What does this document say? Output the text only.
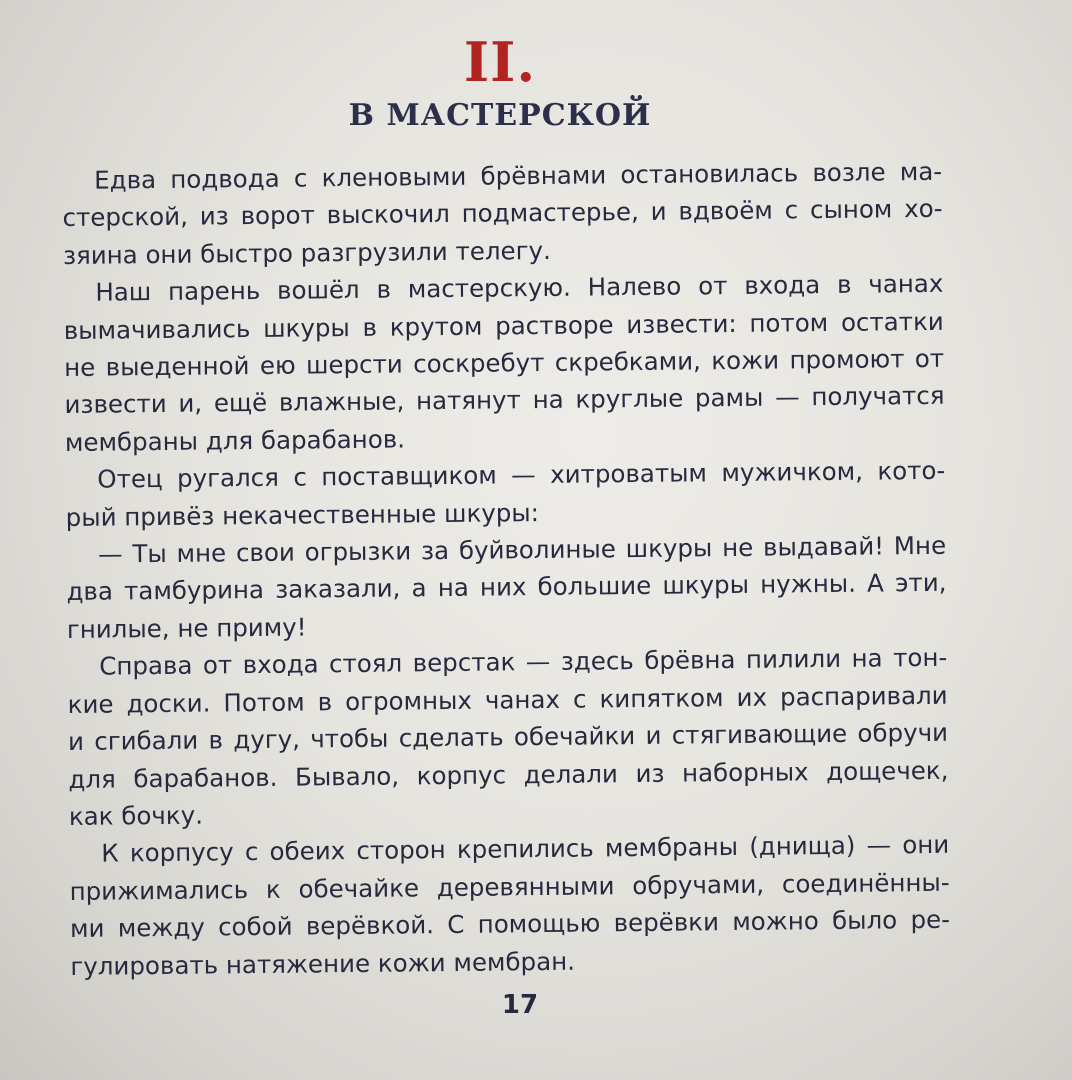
II.
В МАСТЕРСКОЙ
Едва подвода с кленовыми брёвнами остановилась возле ма-
стерской, из ворот выскочил подмастерье, и вдвоём с сыном хо-
зяина они быстро разгрузили телегу.
Наш парень вошёл в мастерскую. Налево от входа в чанах
вымачивались шкуры в крутом растворе извести: потом остатки
не выеденной ею шерсти соскребут скребками, кожи промоют от
извести и, ещё влажные, натянут на круглые рамы — получатся
мембраны для барабанов.
Отец ругался с поставщиком — хитроватым мужичком, кото-
рый привёз некачественные шкуры:
— Ты мне свои огрызки за буйволиные шкуры не выдавай! Мне
два тамбурина заказали, а на них большие шкуры нужны. А эти,
гнилые, не приму!
Справа от входа стоял верстак — здесь брёвна пилили на тон-
кие доски. Потом в огромных чанах с кипятком их распаривали
и сгибали в дугу, чтобы сделать обечайки и стягивающие обручи
для барабанов. Бывало, корпус делали из наборных дощечек,
как бочку.
К корпусу с обеих сторон крепились мембраны (днища) — они
прижимались к обечайке деревянными обручами, соединённы-
ми между собой верёвкой. С помощью верёвки можно было ре-
гулировать натяжение кожи мембран.
17
